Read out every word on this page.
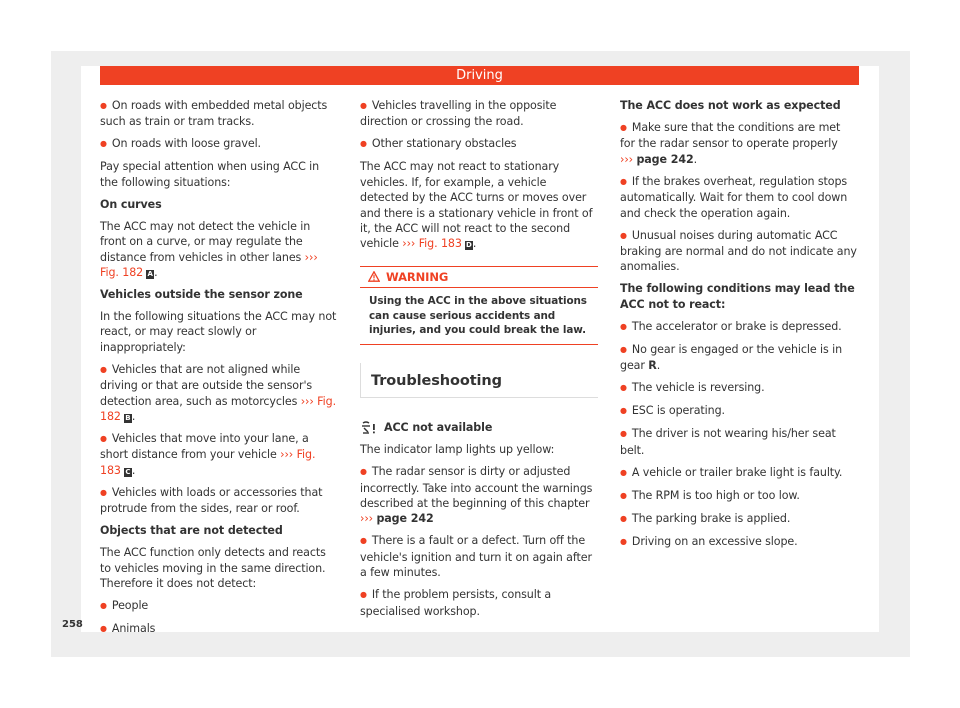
Driving

● On roads with embedded metal objects such as train or tram tracks.

● On roads with loose gravel.

Pay special attention when using ACC in the following situations:

On curves

The ACC may not detect the vehicle in front on a curve, or may regulate the distance from vehicles in other lanes ››› Fig. 182 A.

Vehicles outside the sensor zone

In the following situations the ACC may not react, or may react slowly or inappropriately:

● Vehicles that are not aligned while driving or that are outside the sensor's detection area, such as motorcycles ››› Fig. 182 B.

● Vehicles that move into your lane, a short distance from your vehicle ››› Fig. 183 C.

● Vehicles with loads or accessories that protrude from the sides, rear or roof.

Objects that are not detected

The ACC function only detects and reacts to vehicles moving in the same direction. Therefore it does not detect:

● People

● Animals

● Vehicles travelling in the opposite direction or crossing the road.

● Other stationary obstacles

The ACC may not react to stationary vehicles. If, for example, a vehicle detected by the ACC turns or moves over and there is a stationary vehicle in front of it, the ACC will not react to the second vehicle ››› Fig. 183 D.

WARNING
Using the ACC in the above situations can cause serious accidents and injuries, and you could break the law.
Troubleshooting
ACC not available

The indicator lamp lights up yellow:

● The radar sensor is dirty or adjusted incorrectly. Take into account the warnings described at the beginning of this chapter
››› page 242

● There is a fault or a defect. Turn off the vehicle's ignition and turn it on again after a few minutes.

● If the problem persists, consult a specialised workshop.

The ACC does not work as expected

● Make sure that the conditions are met for the radar sensor to operate properly
››› page 242.

● If the brakes overheat, regulation stops automatically. Wait for them to cool down and check the operation again.

● Unusual noises during automatic ACC braking are normal and do not indicate any anomalies.

The following conditions may lead the ACC not to react:

● The accelerator or brake is depressed.

● No gear is engaged or the vehicle is in gear R.

● The vehicle is reversing.

● ESC is operating.

● The driver is not wearing his/her seat belt.

● A vehicle or trailer brake light is faulty.

● The RPM is too high or too low.

● The parking brake is applied.

● Driving on an excessive slope.

258
